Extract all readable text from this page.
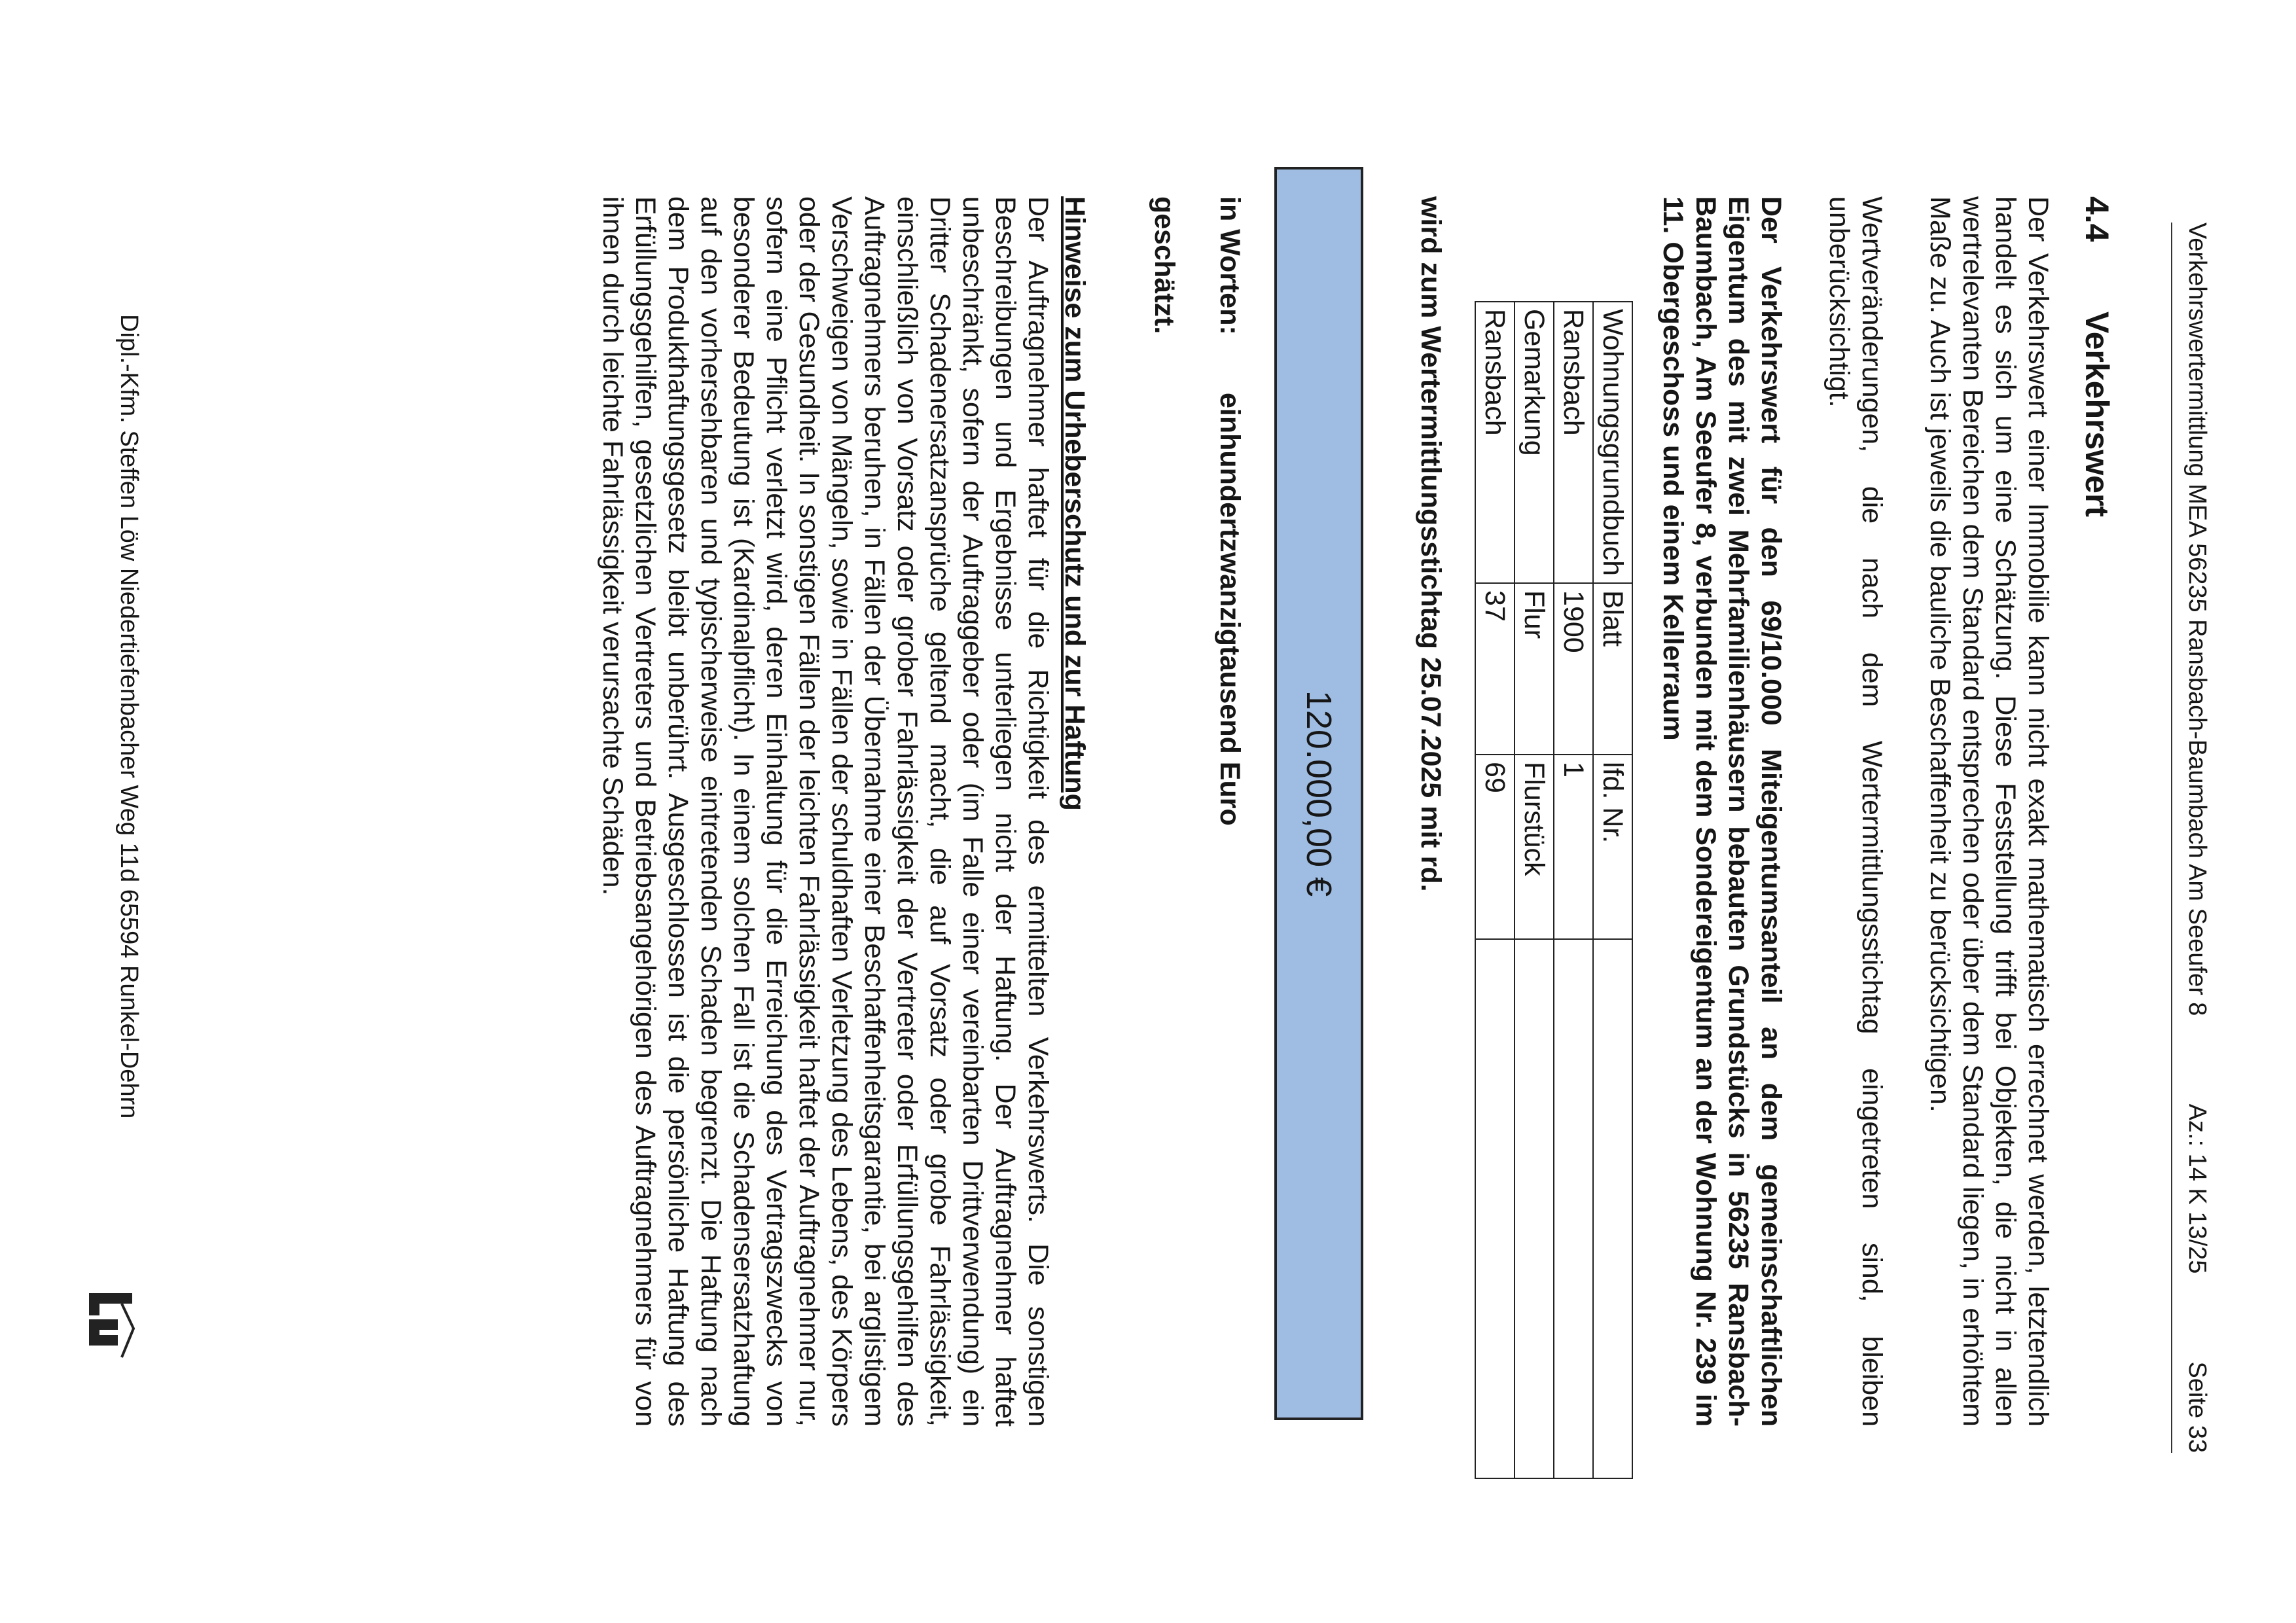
Verkehrswertermittlung MEA 56235 Ransbach-Baumbach Am Seeufer 8
Az.: 14 K 13/25
Seite 33
4.4Verkehrswert

Der Verkehrswert einer Immobilie kann nicht exakt mathematisch errechnet werden, letztendlich handelt es sich um eine Schätzung. Diese Feststellung trifft bei Objekten, die nicht in allen wertrelevanten Bereichen dem Standard entsprechen oder über dem Standard liegen, in erhöhtem Maße zu. Auch ist jeweils die bauliche Beschaffenheit zu berücksichtigen.

Wertveränderungen, die nach dem Wertermittlungsstichtag eingetreten sind, bleiben unberücksichtigt.

Der Verkehrswert für den 69/10.000 Miteigentumsanteil an dem gemeinschaftlichen Eigentum des mit zwei Mehrfamilienhäusern bebauten Grundstücks in 56235 Ransbach-Baumbach, Am Seeufer 8, verbunden mit dem Sondereigentum an der Wohnung Nr. 239 im 11. Obergeschoss und einem Kellerraum

Wohnungsgrundbuch	Blatt	lfd. Nr.	
Ransbach	1900	1	
Gemarkung	Flur	Flurstück	
Ransbach	37	69	

wird zum Wertermittlungsstichtag 25.07.2025 mit rd.

120.000,00 €
in Worten:
einhundertzwanzigtausend Euro

geschätzt.

Hinweise zum Urheberschutz und zur Haftung

Der Auftragnehmer haftet für die Richtigkeit des ermittelten Verkehrswerts. Die sonstigen Beschreibungen und Ergebnisse unterliegen nicht der Haftung. Der Auftragnehmer haftet unbeschränkt, sofern der Auftraggeber oder (im Falle einer vereinbarten Drittverwendung) ein Dritter Schadenersatzansprüche geltend macht, die auf Vorsatz oder grobe Fahrlässigkeit, einschließlich von Vorsatz oder grober Fahrlässigkeit der Vertreter oder Erfüllungsgehilfen des Auftragnehmers beruhen, in Fällen der Übernahme einer Beschaffenheitsgarantie, bei arglistigem Verschweigen von Mängeln, sowie in Fällen der schuldhaften Verletzung des Lebens, des Körpers oder der Gesundheit. In sonstigen Fällen der leichten Fahrlässigkeit haftet der Auftragnehmer nur, sofern eine Pflicht verletzt wird, deren Einhaltung für die Erreichung des Vertragszwecks von besonderer Bedeutung ist (Kardinalpflicht). In einem solchen Fall ist die Schadensersatzhaftung auf den vorhersehbaren und typischerweise eintretenden Schaden begrenzt. Die Haftung nach dem Produkthaftungsgesetz bleibt unberührt. Ausgeschlossen ist die persönliche Haftung des Erfüllungsgehilfen, gesetzlichen Vertreters und Betriebsangehörigen des Auftragnehmers für von ihnen durch leichte Fahrlässigkeit verursachte Schäden.

Dipl.-Kfm. Steffen Löw Niedertiefenbacher Weg 11d 65594 Runkel-Dehrn
